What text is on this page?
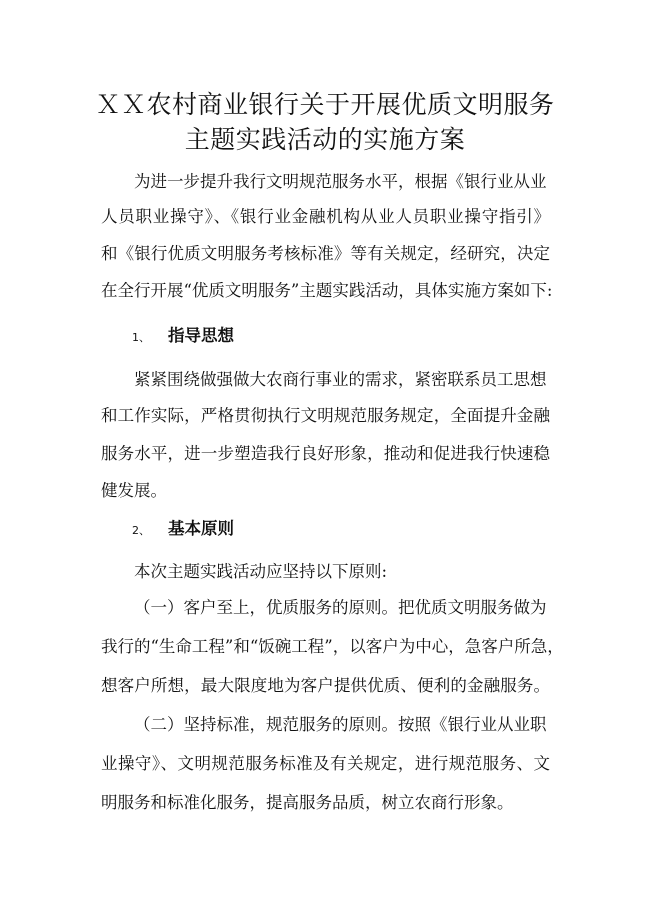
ＸＸ农村商业银行关于开展优质文明服务
主题实践活动的实施方案
为进一步提升我行文明规范服务水平，根据《银行业从业
人员职业操守》、《银行业金融机构从业人员职业操守指引》
和《银行优质文明服务考核标准》等有关规定，经研究，决定
在全行开展“优质文明服务”主题实践活动，具体实施方案如下:
1、 指导思想
紧紧围绕做强做大农商行事业的需求，紧密联系员工思想
和工作实际，严格贯彻执行文明规范服务规定，全面提升金融
服务水平，进一步塑造我行良好形象，推动和促进我行快速稳
健发展。
2、 基本原则
本次主题实践活动应坚持以下原则:
（一）客户至上，优质服务的原则。把优质文明服务做为
我行的“生命工程”和“饭碗工程”，以客户为中心，急客户所急，
想客户所想，最大限度地为客户提供优质、便利的金融服务。
（二）坚持标准，规范服务的原则。按照《银行业从业职
业操守》、文明规范服务标准及有关规定，进行规范服务、文
明服务和标准化服务，提高服务品质，树立农商行形象。
